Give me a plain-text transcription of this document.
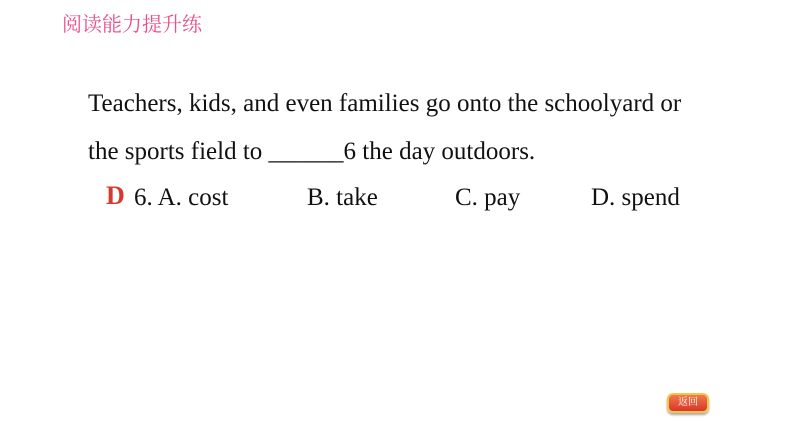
阅读能力提升练
Teachers, kids, and even families go onto the schoolyard or
the sports field to ______6 the day outdoors.
D 6. A. cost	B. take	C. pay	D. spend
返回
